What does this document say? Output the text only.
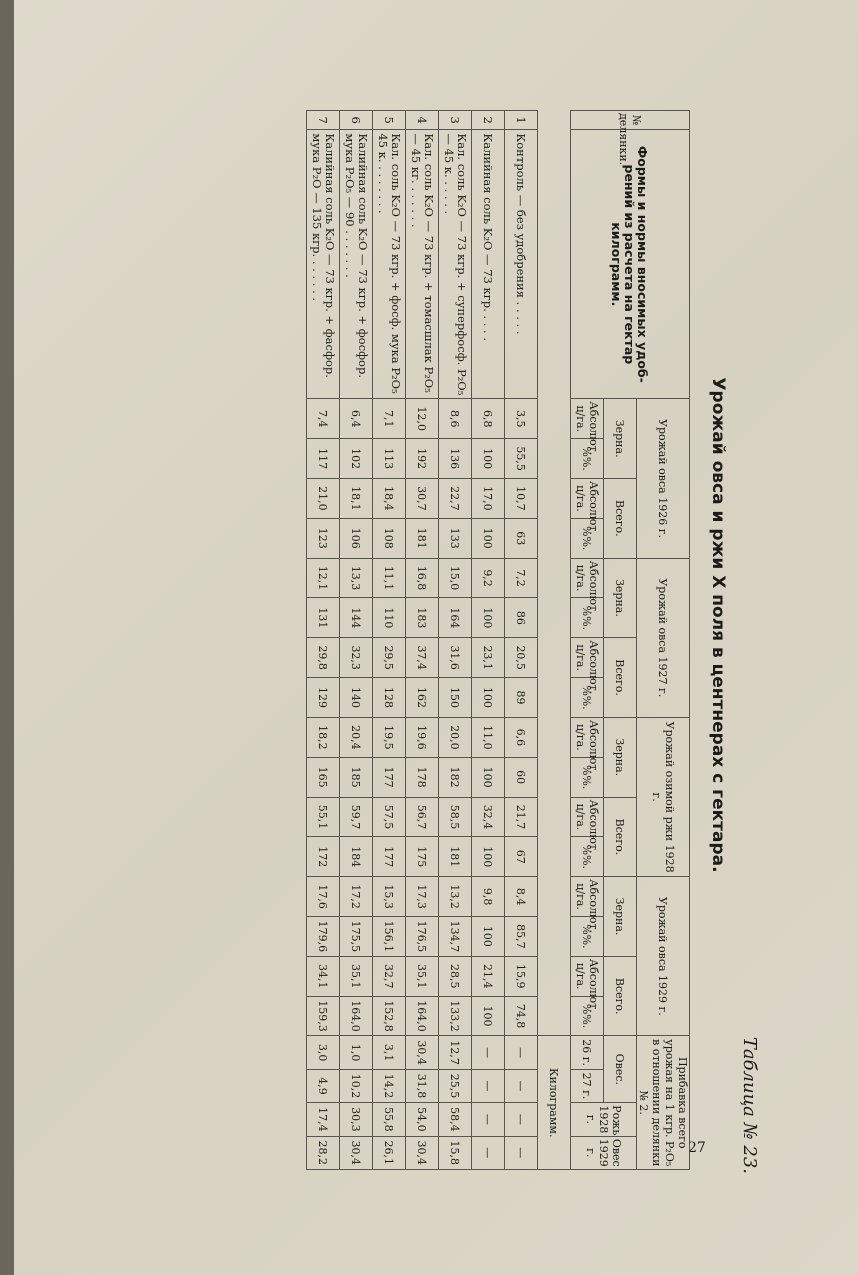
27 Таблица № 23.
Урожай овса и ржи X поля в центнерах с гектара.
№ делянки.	Формы и нормы вносимых удобрений из расчета на гектар килограмм.	Урожай овса 1926 г.				Урожай овса 1927 г.				Урожай озимой ржи 1928 г.				Урожай овса 1929 г.				Прибавка всего урожая на 1 кгр. P₂O₅ в отношении делянки № 2.			
		Зерна.		Всего.		Зерна.		Всего.		Зерна.		Всего.		Зерна.		Всего.		Овес.		Рожь 1928 г.	Овес 1929 г.
		Абсолют. ц/га.	%%.	Абсолют. ц/га.	%%.	Абсолют. ц/га.	%%.	Абсолют. ц/га.	%%.	Абсолют. ц/га.	%%.	Абсолют. ц/га.	%%.	Абсолют. ц/га.	%%.	Абсолют. ц/га.	%%.	26 г.	27 г.		
																		Килограмм.			
1	Контроль — без удобрения . . . . .	3,5	55,5	10,7	63	7,2	86	20,5	89	6,6	60	21,7	67	8,4	85,7	15,9	74,8	—	—	—	—
2	Калийная соль K₂O — 73 кгр. . . . .	6,8	100	17,0	100	9,2	100	23,1	100	11,0	100	32,4	100	9,8	100	21,4	100	—	—	—	—
3	Кал. соль K₂O — 73 кгр. + суперфосф. P₂O₅ — 45 к. . . . . .	8,6	136	22,7	133	15,0	164	31,6	150	20,0	182	58,5	181	13,2	134,7	28,5	133,2	12,7	25,5	58,4	15,8
4	Кал. соль K₂O — 73 кгр. + томасшлак P₂O₅ — 45 кг. . . . . . .	12,0	192	30,7	181	16,8	183	37,4	162	19,6	178	56,7	175	17,3	176,5	35,1	164,0	30,4	31,8	54,0	30,4
5	Кал. соль K₂O — 73 кгр. + фосф. мука P₂O₅ 45 к. . . . . . . .	7,1	113	18,4	108	11,1	110	29,5	128	19,5	177	57,5	177	15,3	156,1	32,7	152,8	3,1	14,2	55,8	26,1
6	Калийная соль K₂O — 73 кгр. + фосфор. мука P₂O₅ — 90 . . . . . . .	6,4	102	18,1	106	13,3	144	32,3	140	20,4	185	59,7	184	17,2	175,5	35,1	164,0	1,0	10,2	30,3	30,4
7	Калийная соль K₂O — 73 кгр. + фасфор. мука P₂O — 135 кгр. . . . . . .	7,4	117	21,0	123	12,1	131	29,8	129	18,2	165	55,1	172	17,6	179,6	34,1	159,3	3,0	4,9	17,4	28,2
